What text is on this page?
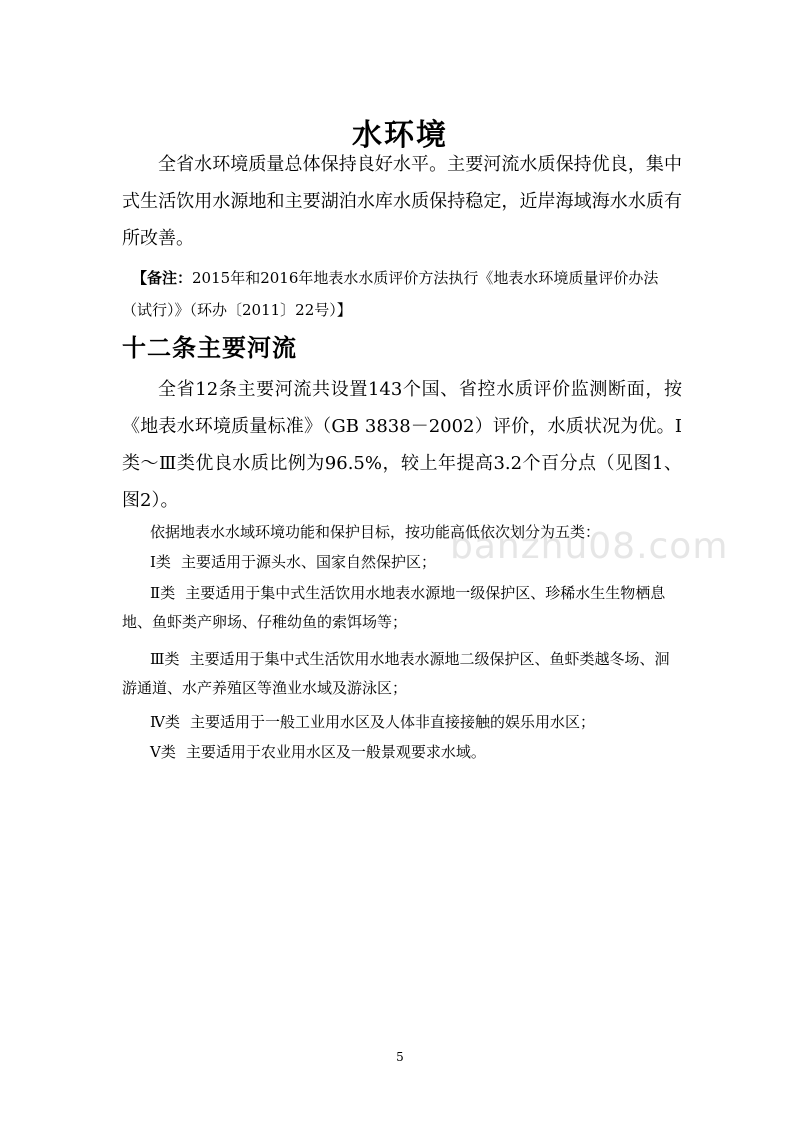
banzhu08.com
水环境

全省水环境质量总体保持良好水平。主要河流水质保持优良，集中式生活饮用水源地和主要湖泊水库水质保持稳定，近岸海域海水水质有所改善。

【备注：2015年和2016年地表水水质评价方法执行《地表水环境质量评价办法（试行）》（环办〔2011〕22号）】

十二条主要河流

全省12条主要河流共设置143个国、省控水质评价监测断面，按《地表水环境质量标准》（GB 3838－2002）评价，水质状况为优。Ⅰ类～Ⅲ类优良水质比例为96.5%，较上年提高3.2个百分点（见图1、图2）。

依据地表水水域环境功能和保护目标，按功能高低依次划分为五类：

Ⅰ类 主要适用于源头水、国家自然保护区；

Ⅱ类 主要适用于集中式生活饮用水地表水源地一级保护区、珍稀水生生物栖息地、鱼虾类产卵场、仔稚幼鱼的索饵场等；

Ⅲ类 主要适用于集中式生活饮用水地表水源地二级保护区、鱼虾类越冬场、洄游通道、水产养殖区等渔业水域及游泳区；

Ⅳ类 主要适用于一般工业用水区及人体非直接接触的娱乐用水区；

Ⅴ类 主要适用于农业用水区及一般景观要求水域。

5
